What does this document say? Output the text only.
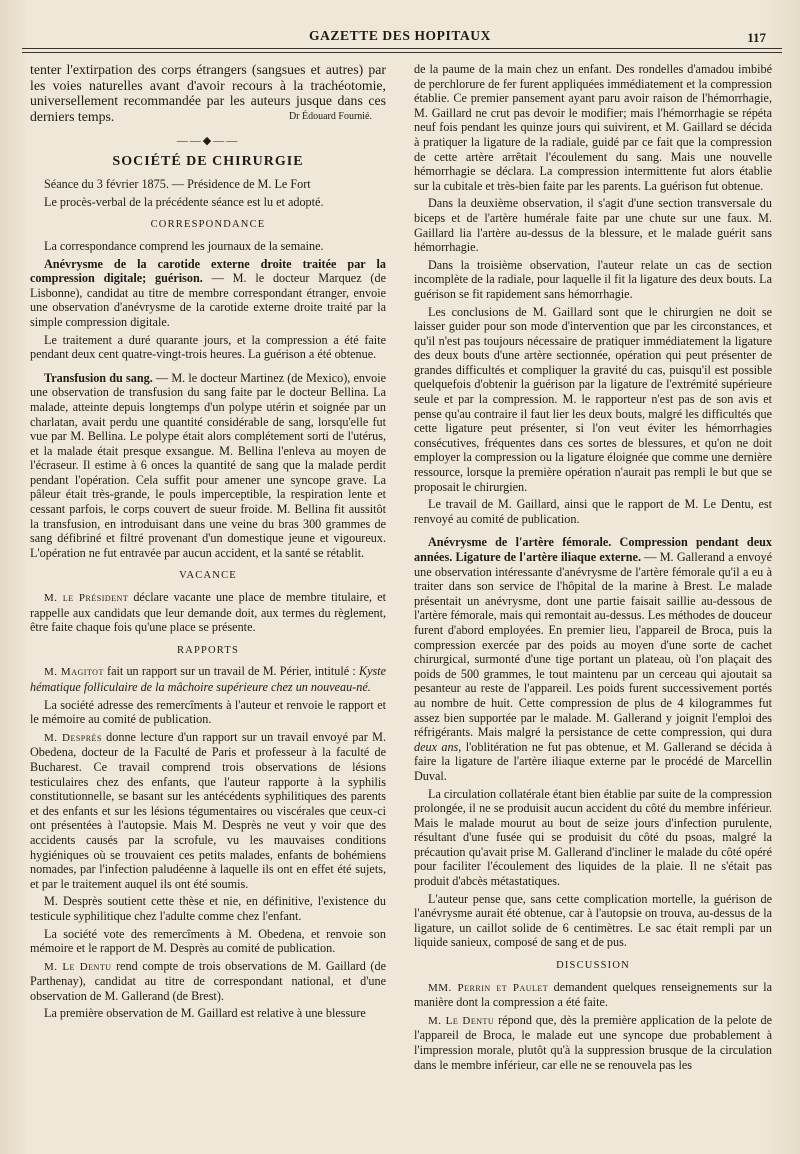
GAZETTE DES HOPITAUX	117

tenter l'extirpation des corps étrangers (sangsues et autres) par les voies naturelles avant d'avoir recours à la trachéotomie, universellement recommandée par les auteurs jusque dans ces derniers temps.	Dr Édouard Fournié.

——◆——
SOCIÉTÉ DE CHIRURGIE

Séance du 3 février 1875. — Présidence de M. Le Fort

Le procès-verbal de la précédente séance est lu et adopté.

CORRESPONDANCE

La correspondance comprend les journaux de la semaine.

Anévrysme de la carotide externe droite traitée par la compression digitale; guérison. — M. le docteur Marquez (de Lisbonne), candidat au titre de membre correspondant étranger, envoie une observation d'anévrysme de la carotide externe droite traité par la simple compression digitale.

Le traitement a duré quarante jours, et la compression a été faite pendant deux cent quatre-vingt-trois heures. La guérison a été obtenue.

Transfusion du sang. — M. le docteur Martinez (de Mexico), envoie une observation de transfusion du sang faite par le docteur Bellina. La malade, atteinte depuis longtemps d'un polype utérin et soignée par un charlatan, avait perdu une quantité considérable de sang, lorsqu'elle fut vue par M. Bellina. Le polype était alors complétement sorti de l'utérus, et la malade était presque exsangue. M. Bellina l'enleva au moyen de l'écraseur. Il estime à 6 onces la quantité de sang que la malade perdit pendant l'opération. Cela suffit pour amener une syncope grave. La pâleur était très-grande, le pouls imperceptible, la respiration lente et cessant parfois, le corps couvert de sueur froide. M. Bellina fit aussitôt la transfusion, en introduisant dans une veine du bras 300 grammes de sang défibriné et filtré provenant d'un domestique jeune et vigoureux. L'opération ne fut entravée par aucun accident, et la santé se rétablit.

VACANCE

M. le Président déclare vacante une place de membre titulaire, et rappelle aux candidats que leur demande doit, aux termes du règlement, être faite chaque fois qu'une place se présente.

RAPPORTS

M. Magitot fait un rapport sur un travail de M. Périer, intitulé : Kyste hématique folliculaire de la mâchoire supérieure chez un nouveau-né.

La société adresse des remercîments à l'auteur et renvoie le rapport et le mémoire au comité de publication.

M. Desprès donne lecture d'un rapport sur un travail envoyé par M. Obedena, docteur de la Faculté de Paris et professeur à la faculté de Bucharest. Ce travail comprend trois observations de lésions testiculaires chez des enfants, que l'auteur rapporte à la syphilis constitutionnelle, se basant sur les antécédents syphilitiques des parents et des enfants et sur les lésions tégumentaires ou viscérales que ceux-ci ont présentées à l'autopsie. Mais M. Desprès ne veut y voir que des accidents causés par la scrofule, vu les mauvaises conditions hygiéniques où se trouvaient ces petits malades, enfants de bohémiens nomades, par l'infection paludéenne à laquelle ils ont en effet été sujets, et par le traitement auquel ils ont été soumis.

M. Desprès soutient cette thèse et nie, en définitive, l'existence du testicule syphilitique chez l'adulte comme chez l'enfant.

La société vote des remercîments à M. Obedena, et renvoie son mémoire et le rapport de M. Desprès au comité de publication.

M. Le Dentu rend compte de trois observations de M. Gaillard (de Parthenay), candidat au titre de correspondant national, et d'une observation de M. Gallerand (de Brest).

La première observation de M. Gaillard est relative à une blessure

de la paume de la main chez un enfant. Des rondelles d'amadou imbibé de perchlorure de fer furent appliquées immédiatement et la compression établie. Ce premier pansement ayant paru avoir raison de l'hémorrhagie, M. Gaillard ne crut pas devoir le modifier; mais l'hémorrhagie se répéta neuf fois pendant les quinze jours qui suivirent, et M. Gaillard se décida à pratiquer la ligature de la radiale, guidé par ce fait que la compression de cette artère arrêtait l'écoulement du sang. Mais une nouvelle hémorrhagie se déclara. La compression intermittente fut alors établie sur la cubitale et très-bien faite par les parents. La guérison fut obtenue.

Dans la deuxième observation, il s'agit d'une section transversale du biceps et de l'artère humérale faite par une chute sur une faux. M. Gaillard lia l'artère au-dessus de la blessure, et le malade guérit sans hémorrhagie.

Dans la troisième observation, l'auteur relate un cas de section incomplète de la radiale, pour laquelle il fit la ligature des deux bouts. La guérison se fit rapidement sans hémorrhagie.

Les conclusions de M. Gaillard sont que le chirurgien ne doit se laisser guider pour son mode d'intervention que par les circonstances, et qu'il n'est pas toujours nécessaire de pratiquer immédiatement la ligature des deux bouts d'une artère sectionnée, opération qui peut présenter de grandes difficultés et compliquer la gravité du cas, puisqu'il est possible quelquefois d'obtenir la guérison par la ligature de l'extrémité supérieure seule et par la compression. M. le rapporteur n'est pas de son avis et pense qu'au contraire il faut lier les deux bouts, malgré les difficultés que cette ligature peut présenter, si l'on veut éviter les hémorrhagies consécutives, fréquentes dans ces sortes de blessures, et qu'on ne doit employer la compression ou la ligature éloignée que comme une dernière ressource, lorsque la première opération n'aurait pas rempli le but que se proposait le chirurgien.

Le travail de M. Gaillard, ainsi que le rapport de M. Le Dentu, est renvoyé au comité de publication.

Anévrysme de l'artère fémorale. Compression pendant deux années. Ligature de l'artère iliaque externe. — M. Gallerand a envoyé une observation intéressante d'anévrysme de l'artère fémorale qu'il a eu à traiter dans son service de l'hôpital de la marine à Brest. Le malade présentait un anévrysme, dont une partie faisait saillie au-dessous de l'artère fémorale, mais qui remontait au-dessus. Les méthodes de douceur furent d'abord employées. En premier lieu, l'appareil de Broca, puis la compression exercée par des poids au moyen d'une sorte de cachet chirurgical, surmonté d'une tige portant un plateau, où l'on plaçait des poids de 500 grammes, le tout maintenu par un cerceau qui ajoutait sa pesanteur au reste de l'appareil. Les poids furent successivement portés au nombre de huit. Cette compression de plus de 4 kilogrammes fut assez bien supportée par le malade. M. Gallerand y joignit l'emploi des réfrigérants. Mais malgré la persistance de cette compression, qui dura deux ans, l'oblitération ne fut pas obtenue, et M. Gallerand se décida à faire la ligature de l'artère iliaque externe par le procédé de Marcellin Duval.

La circulation collatérale étant bien établie par suite de la compression prolongée, il ne se produisit aucun accident du côté du membre inférieur. Mais le malade mourut au bout de seize jours d'infection purulente, résultant d'une fusée qui se produisit du côté du psoas, malgré la précaution qu'avait prise M. Gallerand d'incliner le malade du côté opéré pour faciliter l'écoulement des liquides de la plaie. Il ne s'était pas produit d'abcès métastatiques.

L'auteur pense que, sans cette complication mortelle, la guérison de l'anévrysme aurait été obtenue, car à l'autopsie on trouva, au-dessus de la ligature, un caillot solide de 6 centimètres. Le sac était rempli par un liquide sanieux, composé de sang et de pus.

DISCUSSION

MM. Perrin et Paulet demandent quelques renseignements sur la manière dont la compression a été faite.

M. Le Dentu répond que, dès la première application de la pelote de l'appareil de Broca, le malade eut une syncope due probablement à l'impression morale, plutôt qu'à la suppression brusque de la circulation dans le membre inférieur, car elle ne se renouvela pas les
